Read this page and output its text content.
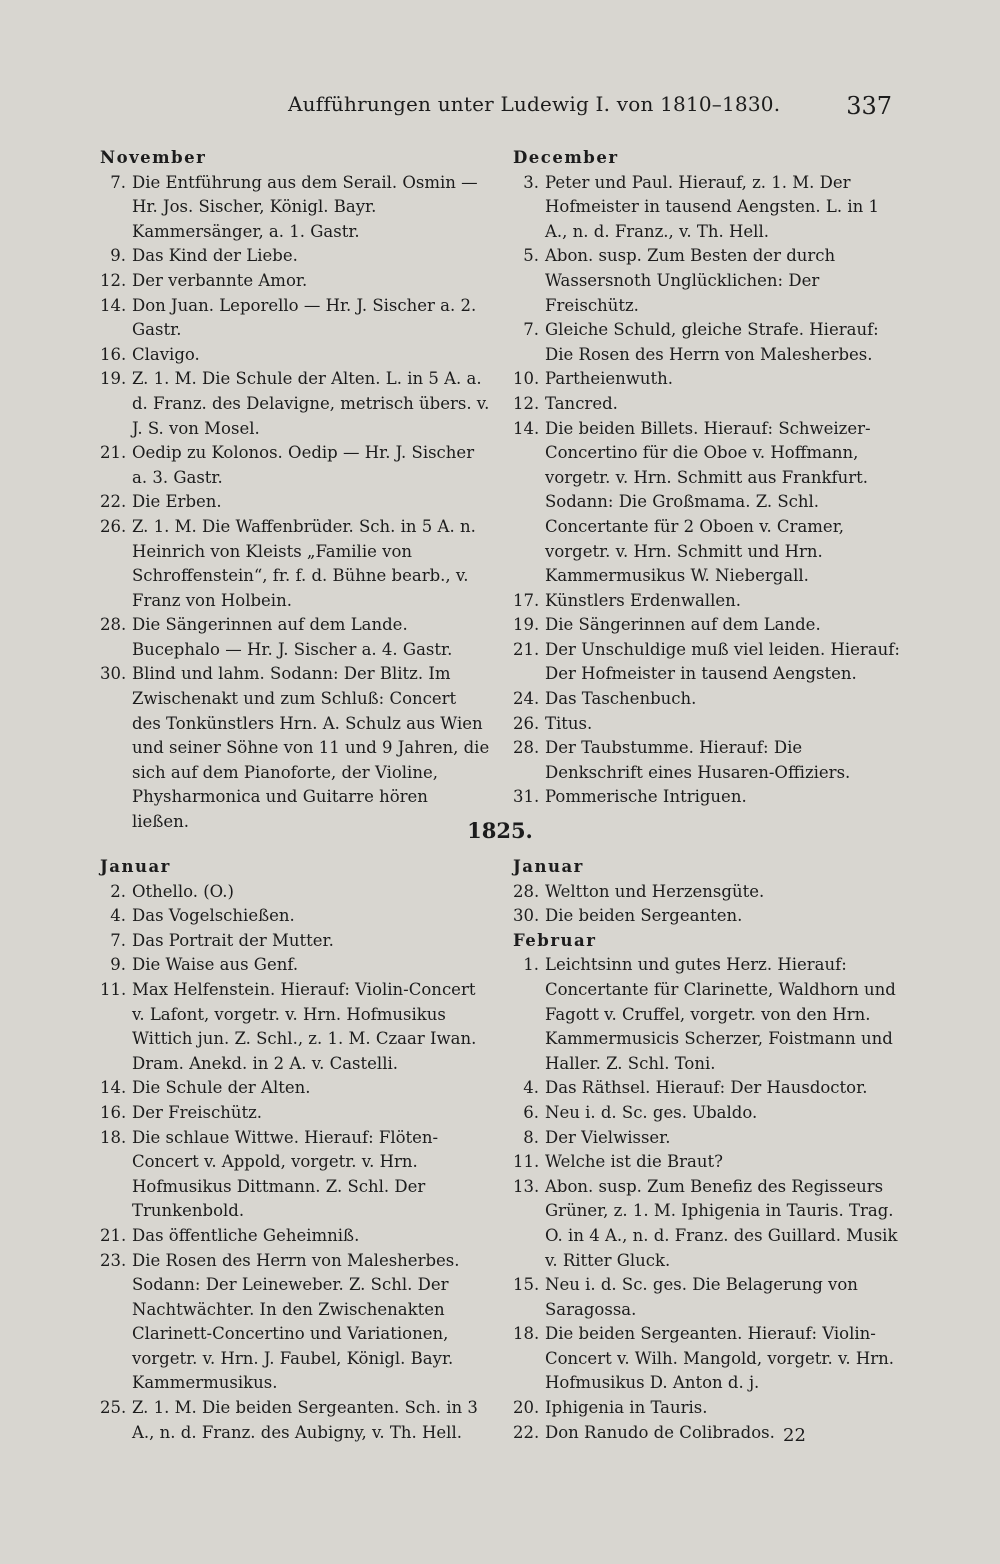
Aufführungen unter Ludewig I. von 1810–1830.	337
November
7. Die Entführung aus dem Serail. Osmin — Hr. Jos. Sischer, Königl. Bayr. Kammersänger, a. 1. Gastr.
9. Das Kind der Liebe.
12. Der verbannte Amor.
14. Don Juan. Leporello — Hr. J. Sischer a. 2. Gastr.
16. Clavigo.
19. Z. 1. M. Die Schule der Alten. L. in 5 A. a. d. Franz. des Delavigne, metrisch übers. v. J. S. von Mosel.
21. Oedip zu Kolonos. Oedip — Hr. J. Sischer a. 3. Gastr.
22. Die Erben.
26. Z. 1. M. Die Waffenbrüder. Sch. in 5 A. n. Heinrich von Kleists „Familie von Schroffenstein“, fr. f. d. Bühne bearb., v. Franz von Holbein.
28. Die Sängerinnen auf dem Lande. Bucephalo — Hr. J. Sischer a. 4. Gastr.
30. Blind und lahm. Sodann: Der Blitz. Im Zwischenakt und zum Schluß: Concert des Tonkünstlers Hrn. A. Schulz aus Wien und seiner Söhne von 11 und 9 Jahren, die sich auf dem Pianoforte, der Violine, Physharmonica und Guitarre hören ließen.
December
3. Peter und Paul. Hierauf, z. 1. M. Der Hofmeister in tausend Aengsten. L. in 1 A., n. d. Franz., v. Th. Hell.
5. Abon. susp. Zum Besten der durch Wassersnoth Unglücklichen: Der Freischütz.
7. Gleiche Schuld, gleiche Strafe. Hierauf: Die Rosen des Herrn von Malesherbes.
10. Partheienwuth.
12. Tancred.
14. Die beiden Billets. Hierauf: Schweizer-Concertino für die Oboe v. Hoffmann, vorgetr. v. Hrn. Schmitt aus Frankfurt. Sodann: Die Großmama. Z. Schl. Concertante für 2 Oboen v. Cramer, vorgetr. v. Hrn. Schmitt und Hrn. Kammermusikus W. Niebergall.
17. Künstlers Erdenwallen.
19. Die Sängerinnen auf dem Lande.
21. Der Unschuldige muß viel leiden. Hierauf: Der Hofmeister in tausend Aengsten.
24. Das Taschenbuch.
26. Titus.
28. Der Taubstumme. Hierauf: Die Denkschrift eines Husaren-Offiziers.
31. Pommerische Intriguen.
1825.
Januar
2. Othello. (O.)
4. Das Vogelschießen.
7. Das Portrait der Mutter.
9. Die Waise aus Genf.
11. Max Helfenstein. Hierauf: Violin-Concert v. Lafont, vorgetr. v. Hrn. Hofmusikus Wittich jun. Z. Schl., z. 1. M. Czaar Iwan. Dram. Anekd. in 2 A. v. Castelli.
14. Die Schule der Alten.
16. Der Freischütz.
18. Die schlaue Wittwe. Hierauf: Flöten-Concert v. Appold, vorgetr. v. Hrn. Hofmusikus Dittmann. Z. Schl. Der Trunkenbold.
21. Das öffentliche Geheimniß.
23. Die Rosen des Herrn von Malesherbes. Sodann: Der Leineweber. Z. Schl. Der Nachtwächter. In den Zwischenakten Clarinett-Concertino und Variationen, vorgetr. v. Hrn. J. Faubel, Königl. Bayr. Kammermusikus.
25. Z. 1. M. Die beiden Sergeanten. Sch. in 3 A., n. d. Franz. des Aubigny, v. Th. Hell.
Januar
28. Weltton und Herzensgüte.
30. Die beiden Sergeanten.
Februar
1. Leichtsinn und gutes Herz. Hierauf: Concertante für Clarinette, Waldhorn und Fagott v. Cruffel, vorgetr. von den Hrn. Kammermusicis Scherzer, Foistmann und Haller. Z. Schl. Toni.
4. Das Räthsel. Hierauf: Der Hausdoctor.
6. Neu i. d. Sc. ges. Ubaldo.
8. Der Vielwisser.
11. Welche ist die Braut?
13. Abon. susp. Zum Benefiz des Regisseurs Grüner, z. 1. M. Iphigenia in Tauris. Trag. O. in 4 A., n. d. Franz. des Guillard. Musik v. Ritter Gluck.
15. Neu i. d. Sc. ges. Die Belagerung von Saragossa.
18. Die beiden Sergeanten. Hierauf: Violin-Concert v. Wilh. Mangold, vorgetr. v. Hrn. Hofmusikus D. Anton d. j.
20. Iphigenia in Tauris.
22. Don Ranudo de Colibrados. 22
